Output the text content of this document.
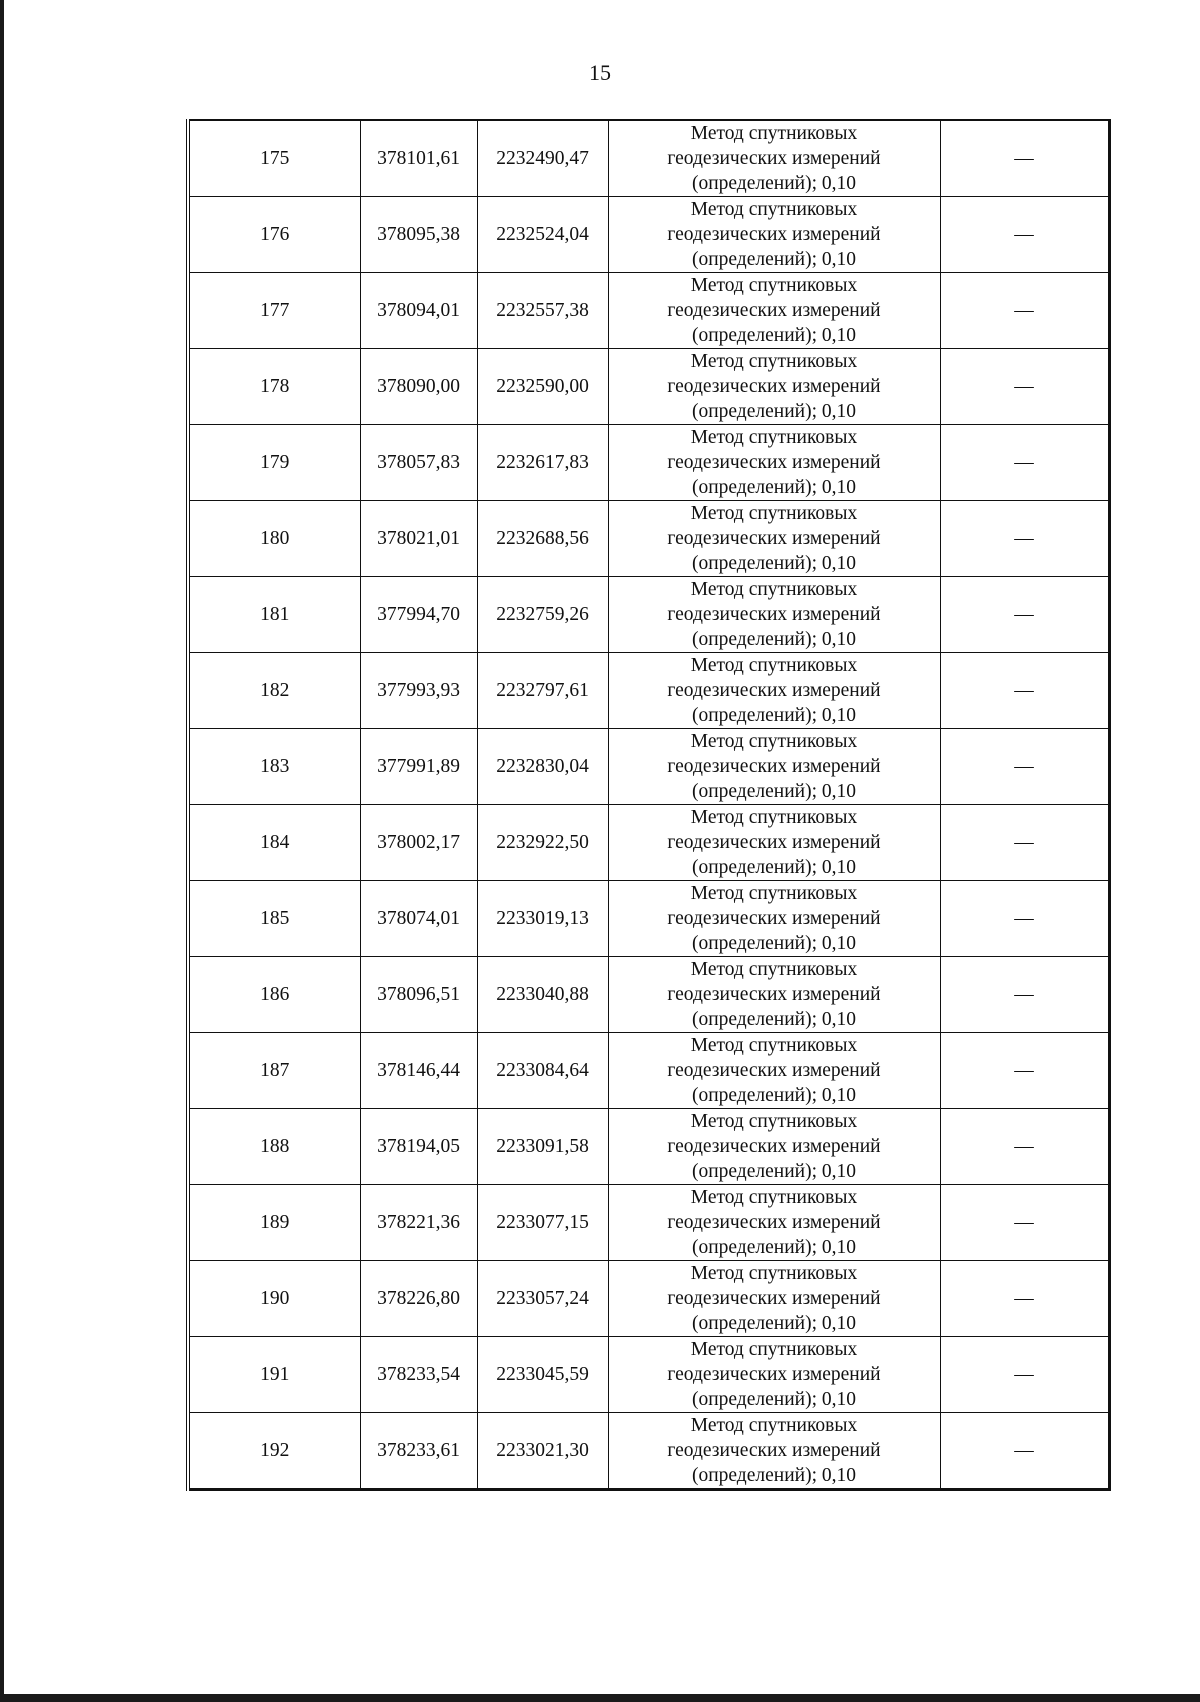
15
175	378101,61	2232490,47	Метод спутниковых
геодезических измерений
(определений); 0,10	—
176	378095,38	2232524,04	Метод спутниковых
геодезических измерений
(определений); 0,10	—
177	378094,01	2232557,38	Метод спутниковых
геодезических измерений
(определений); 0,10	—
178	378090,00	2232590,00	Метод спутниковых
геодезических измерений
(определений); 0,10	—
179	378057,83	2232617,83	Метод спутниковых
геодезических измерений
(определений); 0,10	—
180	378021,01	2232688,56	Метод спутниковых
геодезических измерений
(определений); 0,10	—
181	377994,70	2232759,26	Метод спутниковых
геодезических измерений
(определений); 0,10	—
182	377993,93	2232797,61	Метод спутниковых
геодезических измерений
(определений); 0,10	—
183	377991,89	2232830,04	Метод спутниковых
геодезических измерений
(определений); 0,10	—
184	378002,17	2232922,50	Метод спутниковых
геодезических измерений
(определений); 0,10	—
185	378074,01	2233019,13	Метод спутниковых
геодезических измерений
(определений); 0,10	—
186	378096,51	2233040,88	Метод спутниковых
геодезических измерений
(определений); 0,10	—
187	378146,44	2233084,64	Метод спутниковых
геодезических измерений
(определений); 0,10	—
188	378194,05	2233091,58	Метод спутниковых
геодезических измерений
(определений); 0,10	—
189	378221,36	2233077,15	Метод спутниковых
геодезических измерений
(определений); 0,10	—
190	378226,80	2233057,24	Метод спутниковых
геодезических измерений
(определений); 0,10	—
191	378233,54	2233045,59	Метод спутниковых
геодезических измерений
(определений); 0,10	—
192	378233,61	2233021,30	Метод спутниковых
геодезических измерений
(определений); 0,10	—
